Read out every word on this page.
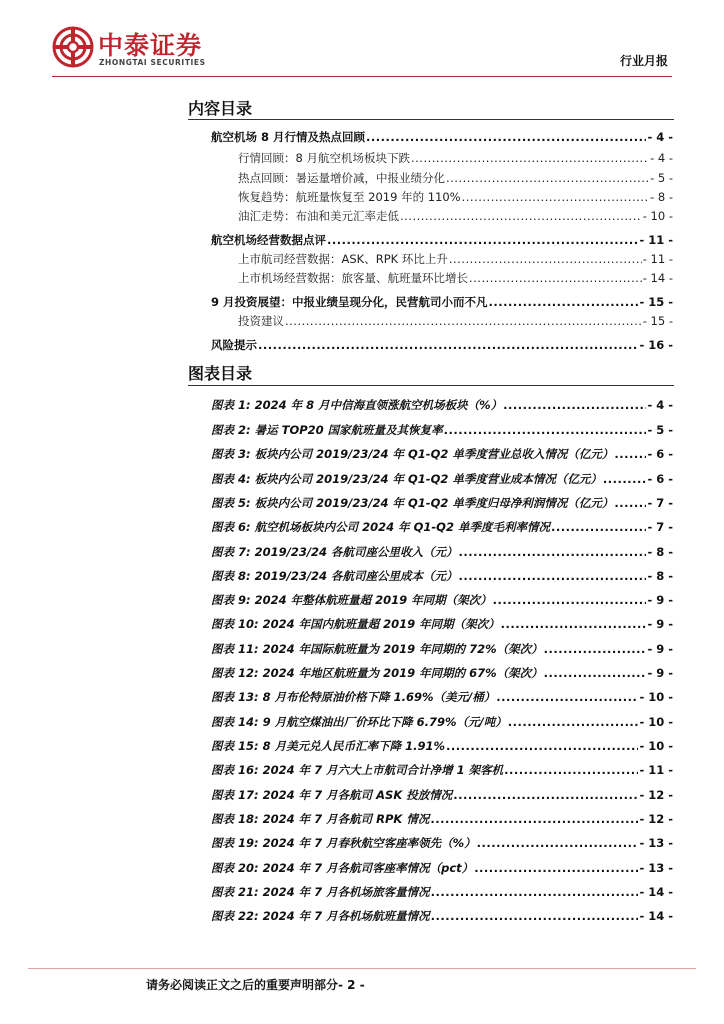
中泰证券
ZHONGTAI SECURITIES	行业月报
内容目录
航空机场 8 月行情及热点回顾 .....	- 4 -
行情回顾：8 月航空机场板块下跌 .....	- 4 -
热点回顾：暑运量增价减，中报业绩分化 .....	- 5 -
恢复趋势：航班量恢复至 2019 年的 110% .....	- 8 -
油汇走势：布油和美元汇率走低 .....	- 10 -
航空机场经营数据点评 .....	- 11 -
上市航司经营数据：ASK、RPK 环比上升 .....	- 11 -
上市机场经营数据：旅客量、航班量环比增长 .....	- 14 -
9 月投资展望：中报业绩呈现分化，民营航司小而不凡 .....	- 15 -
投资建议 .....	- 15 -
风险提示 .....	- 16 -
图表目录
图表 1: 2024 年 8 月中信海直领涨航空机场板块（%） .....	- 4 -
图表 2: 暑运 TOP20 国家航班量及其恢复率 .....	- 5 -
图表 3: 板块内公司 2019/23/24 年 Q1-Q2 单季度营业总收入情况（亿元） .....	- 6 -
图表 4: 板块内公司 2019/23/24 年 Q1-Q2 单季度营业成本情况（亿元） .....	- 6 -
图表 5: 板块内公司 2019/23/24 年 Q1-Q2 单季度归母净利润情况（亿元） .....	- 7 -
图表 6: 航空机场板块内公司 2024 年 Q1-Q2 单季度毛利率情况 .....	- 7 -
图表 7: 2019/23/24 各航司座公里收入（元） .....	- 8 -
图表 8: 2019/23/24 各航司座公里成本（元） .....	- 8 -
图表 9: 2024 年整体航班量超 2019 年同期（架次） .....	- 9 -
图表 10: 2024 年国内航班量超 2019 年同期（架次） .....	- 9 -
图表 11: 2024 年国际航班量为 2019 年同期的 72%（架次） .....	- 9 -
图表 12: 2024 年地区航班量为 2019 年同期的 67%（架次） .....	- 9 -
图表 13: 8 月布伦特原油价格下降 1.69%（美元/桶） .....	- 10 -
图表 14: 9 月航空煤油出厂价环比下降 6.79%（元/吨） .....	- 10 -
图表 15: 8 月美元兑人民币汇率下降 1.91% .....	- 10 -
图表 16: 2024 年 7 月六大上市航司合计净增 1 架客机 .....	- 11 -
图表 17: 2024 年 7 月各航司 ASK 投放情况 .....	- 12 -
图表 18: 2024 年 7 月各航司 RPK 情况 .....	- 12 -
图表 19: 2024 年 7 月春秋航空客座率领先（%） .....	- 13 -
图表 20: 2024 年 7 月各航司客座率情况（pct） .....	- 13 -
图表 21: 2024 年 7 月各机场旅客量情况 .....	- 14 -
图表 22: 2024 年 7 月各机场航班量情况 .....	- 14 -
请务必阅读正文之后的重要声明部分- 2 -
